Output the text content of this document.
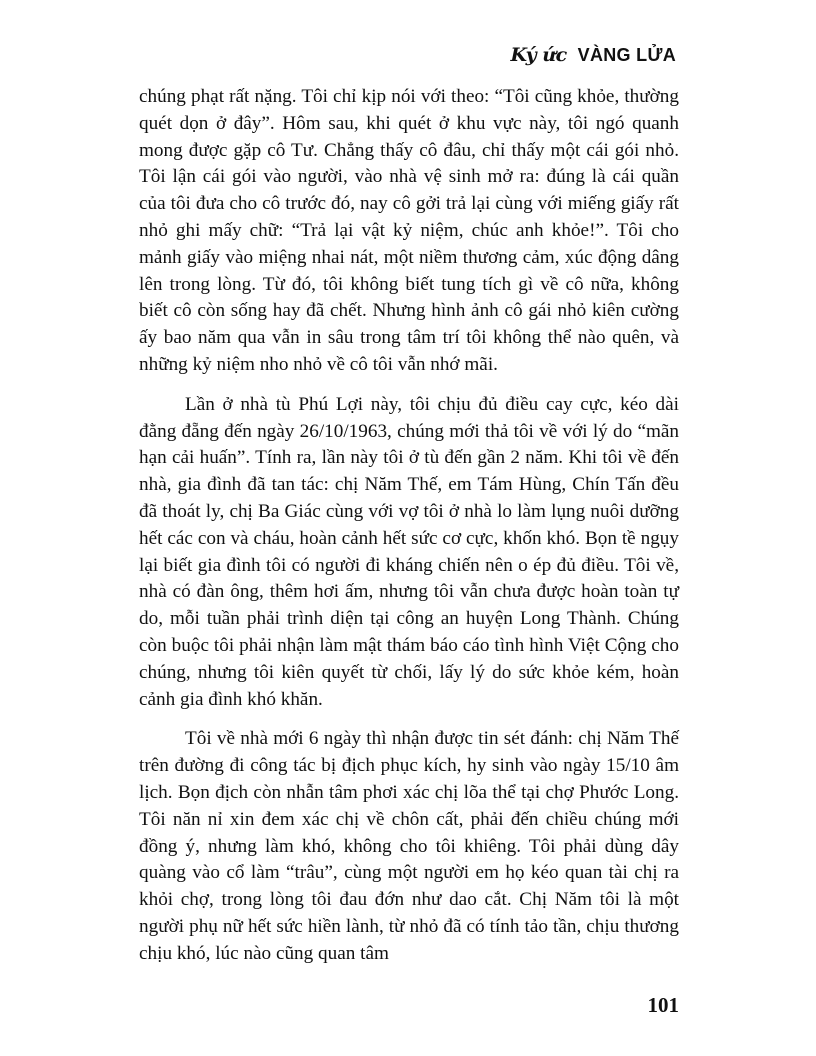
Ký ức VÀNG LỬA

chúng phạt rất nặng. Tôi chỉ kịp nói với theo: “Tôi cũng khỏe, thường quét dọn ở đây”. Hôm sau, khi quét ở khu vực này, tôi ngó quanh mong được gặp cô Tư. Chẳng thấy cô đâu, chỉ thấy một cái gói nhỏ. Tôi lận cái gói vào người, vào nhà vệ sinh mở ra: đúng là cái quần của tôi đưa cho cô trước đó, nay cô gởi trả lại cùng với miếng giấy rất nhỏ ghi mấy chữ: “Trả lại vật kỷ niệm, chúc anh khỏe!”. Tôi cho mảnh giấy vào miệng nhai nát, một niềm thương cảm, xúc động dâng lên trong lòng. Từ đó, tôi không biết tung tích gì về cô nữa, không biết cô còn sống hay đã chết. Nhưng hình ảnh cô gái nhỏ kiên cường ấy bao năm qua vẫn in sâu trong tâm trí tôi không thể nào quên, và những kỷ niệm nho nhỏ về cô tôi vẫn nhớ mãi.

Lần ở nhà tù Phú Lợi này, tôi chịu đủ điều cay cực, kéo dài đằng đẵng đến ngày 26/10/1963, chúng mới thả tôi về với lý do “mãn hạn cải huấn”. Tính ra, lần này tôi ở tù đến gần 2 năm. Khi tôi về đến nhà, gia đình đã tan tác: chị Năm Thế, em Tám Hùng, Chín Tấn đều đã thoát ly, chị Ba Giác cùng với vợ tôi ở nhà lo làm lụng nuôi dưỡng hết các con và cháu, hoàn cảnh hết sức cơ cực, khốn khó. Bọn tề ngụy lại biết gia đình tôi có người đi kháng chiến nên o ép đủ điều. Tôi về, nhà có đàn ông, thêm hơi ấm, nhưng tôi vẫn chưa được hoàn toàn tự do, mỗi tuần phải trình diện tại công an huyện Long Thành. Chúng còn buộc tôi phải nhận làm mật thám báo cáo tình hình Việt Cộng cho chúng, nhưng tôi kiên quyết từ chối, lấy lý do sức khỏe kém, hoàn cảnh gia đình khó khăn.

Tôi về nhà mới 6 ngày thì nhận được tin sét đánh: chị Năm Thế trên đường đi công tác bị địch phục kích, hy sinh vào ngày 15/10 âm lịch. Bọn địch còn nhẫn tâm phơi xác chị lõa thể tại chợ Phước Long. Tôi năn nỉ xin đem xác chị về chôn cất, phải đến chiều chúng mới đồng ý, nhưng làm khó, không cho tôi khiêng. Tôi phải dùng dây quàng vào cổ làm “trâu”, cùng một người em họ kéo quan tài chị ra khỏi chợ, trong lòng tôi đau đớn như dao cắt. Chị Năm tôi là một người phụ nữ hết sức hiền lành, từ nhỏ đã có tính tảo tần, chịu thương chịu khó, lúc nào cũng quan tâm

101
